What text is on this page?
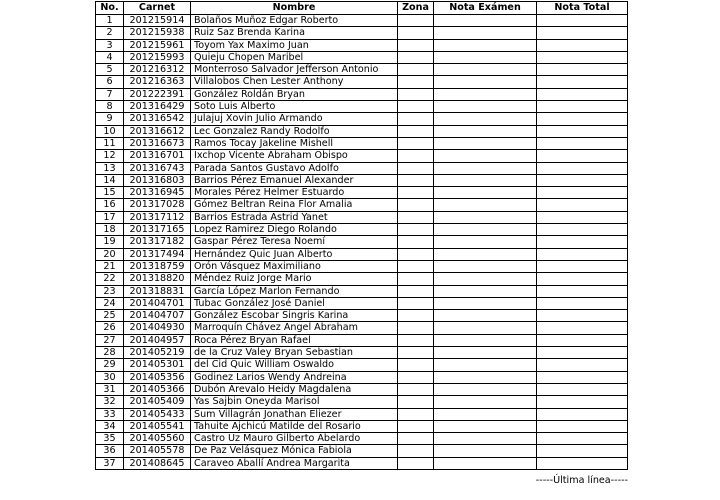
No.	Carnet	Nombre	Zona	Nota Exámen	Nota Total
1	201215914	Bolaños Muñoz Edgar Roberto			
2	201215938	Ruiz Saz Brenda Karina			
3	201215961	Toyom Yax Maximo Juan			
4	201215993	Quieju Chopen Maribel			
5	201216312	Monterroso Salvador Jefferson Antonio			
6	201216363	Villalobos Chen Lester Anthony			
7	201222391	González Roldán Bryan			
8	201316429	Soto Luis Alberto			
9	201316542	Julajuj Xovin Julio Armando			
10	201316612	Lec Gonzalez Randy Rodolfo			
11	201316673	Ramos Tocay Jakeline Mishell			
12	201316701	Ixchop Vicente Abraham Obispo			
13	201316743	Parada Santos Gustavo Adolfo			
14	201316803	Barrios Pérez Emanuel Alexander			
15	201316945	Morales Pérez Helmer Estuardo			
16	201317028	Gómez Beltran Reina Flor Amalia			
17	201317112	Barrios Estrada Astrid Yanet			
18	201317165	Lopez Ramirez Diego Rolando			
19	201317182	Gaspar Pérez Teresa Noemí			
20	201317494	Hernández Quic Juan Alberto			
21	201318759	Orón Vásquez Maximiliano			
22	201318820	Méndez Ruiz Jorge Mario			
23	201318831	García López Marlon Fernando			
24	201404701	Tubac González José Daniel			
25	201404707	González Escobar Singris Karina			
26	201404930	Marroquín Chávez Angel Abraham			
27	201404957	Roca Pérez Bryan Rafael			
28	201405219	de la Cruz Valey Bryan Sebastian			
29	201405301	del Cid Quic William Oswaldo			
30	201405356	Godinez Larios Wendy Andreina			
31	201405366	Dubón Arevalo Heidy Magdalena			
32	201405409	Yas Sajbin Oneyda Marisol			
33	201405433	Sum Villagrán Jonathan Eliezer			
34	201405541	Tahuite Ajchicú Matilde del Rosario			
35	201405560	Castro Uz Mauro Gilberto Abelardo			
36	201405578	De Paz Velásquez Mónica Fabiola			
37	201408645	Caraveo Aballí Andrea Margarita			
-----Última línea-----
